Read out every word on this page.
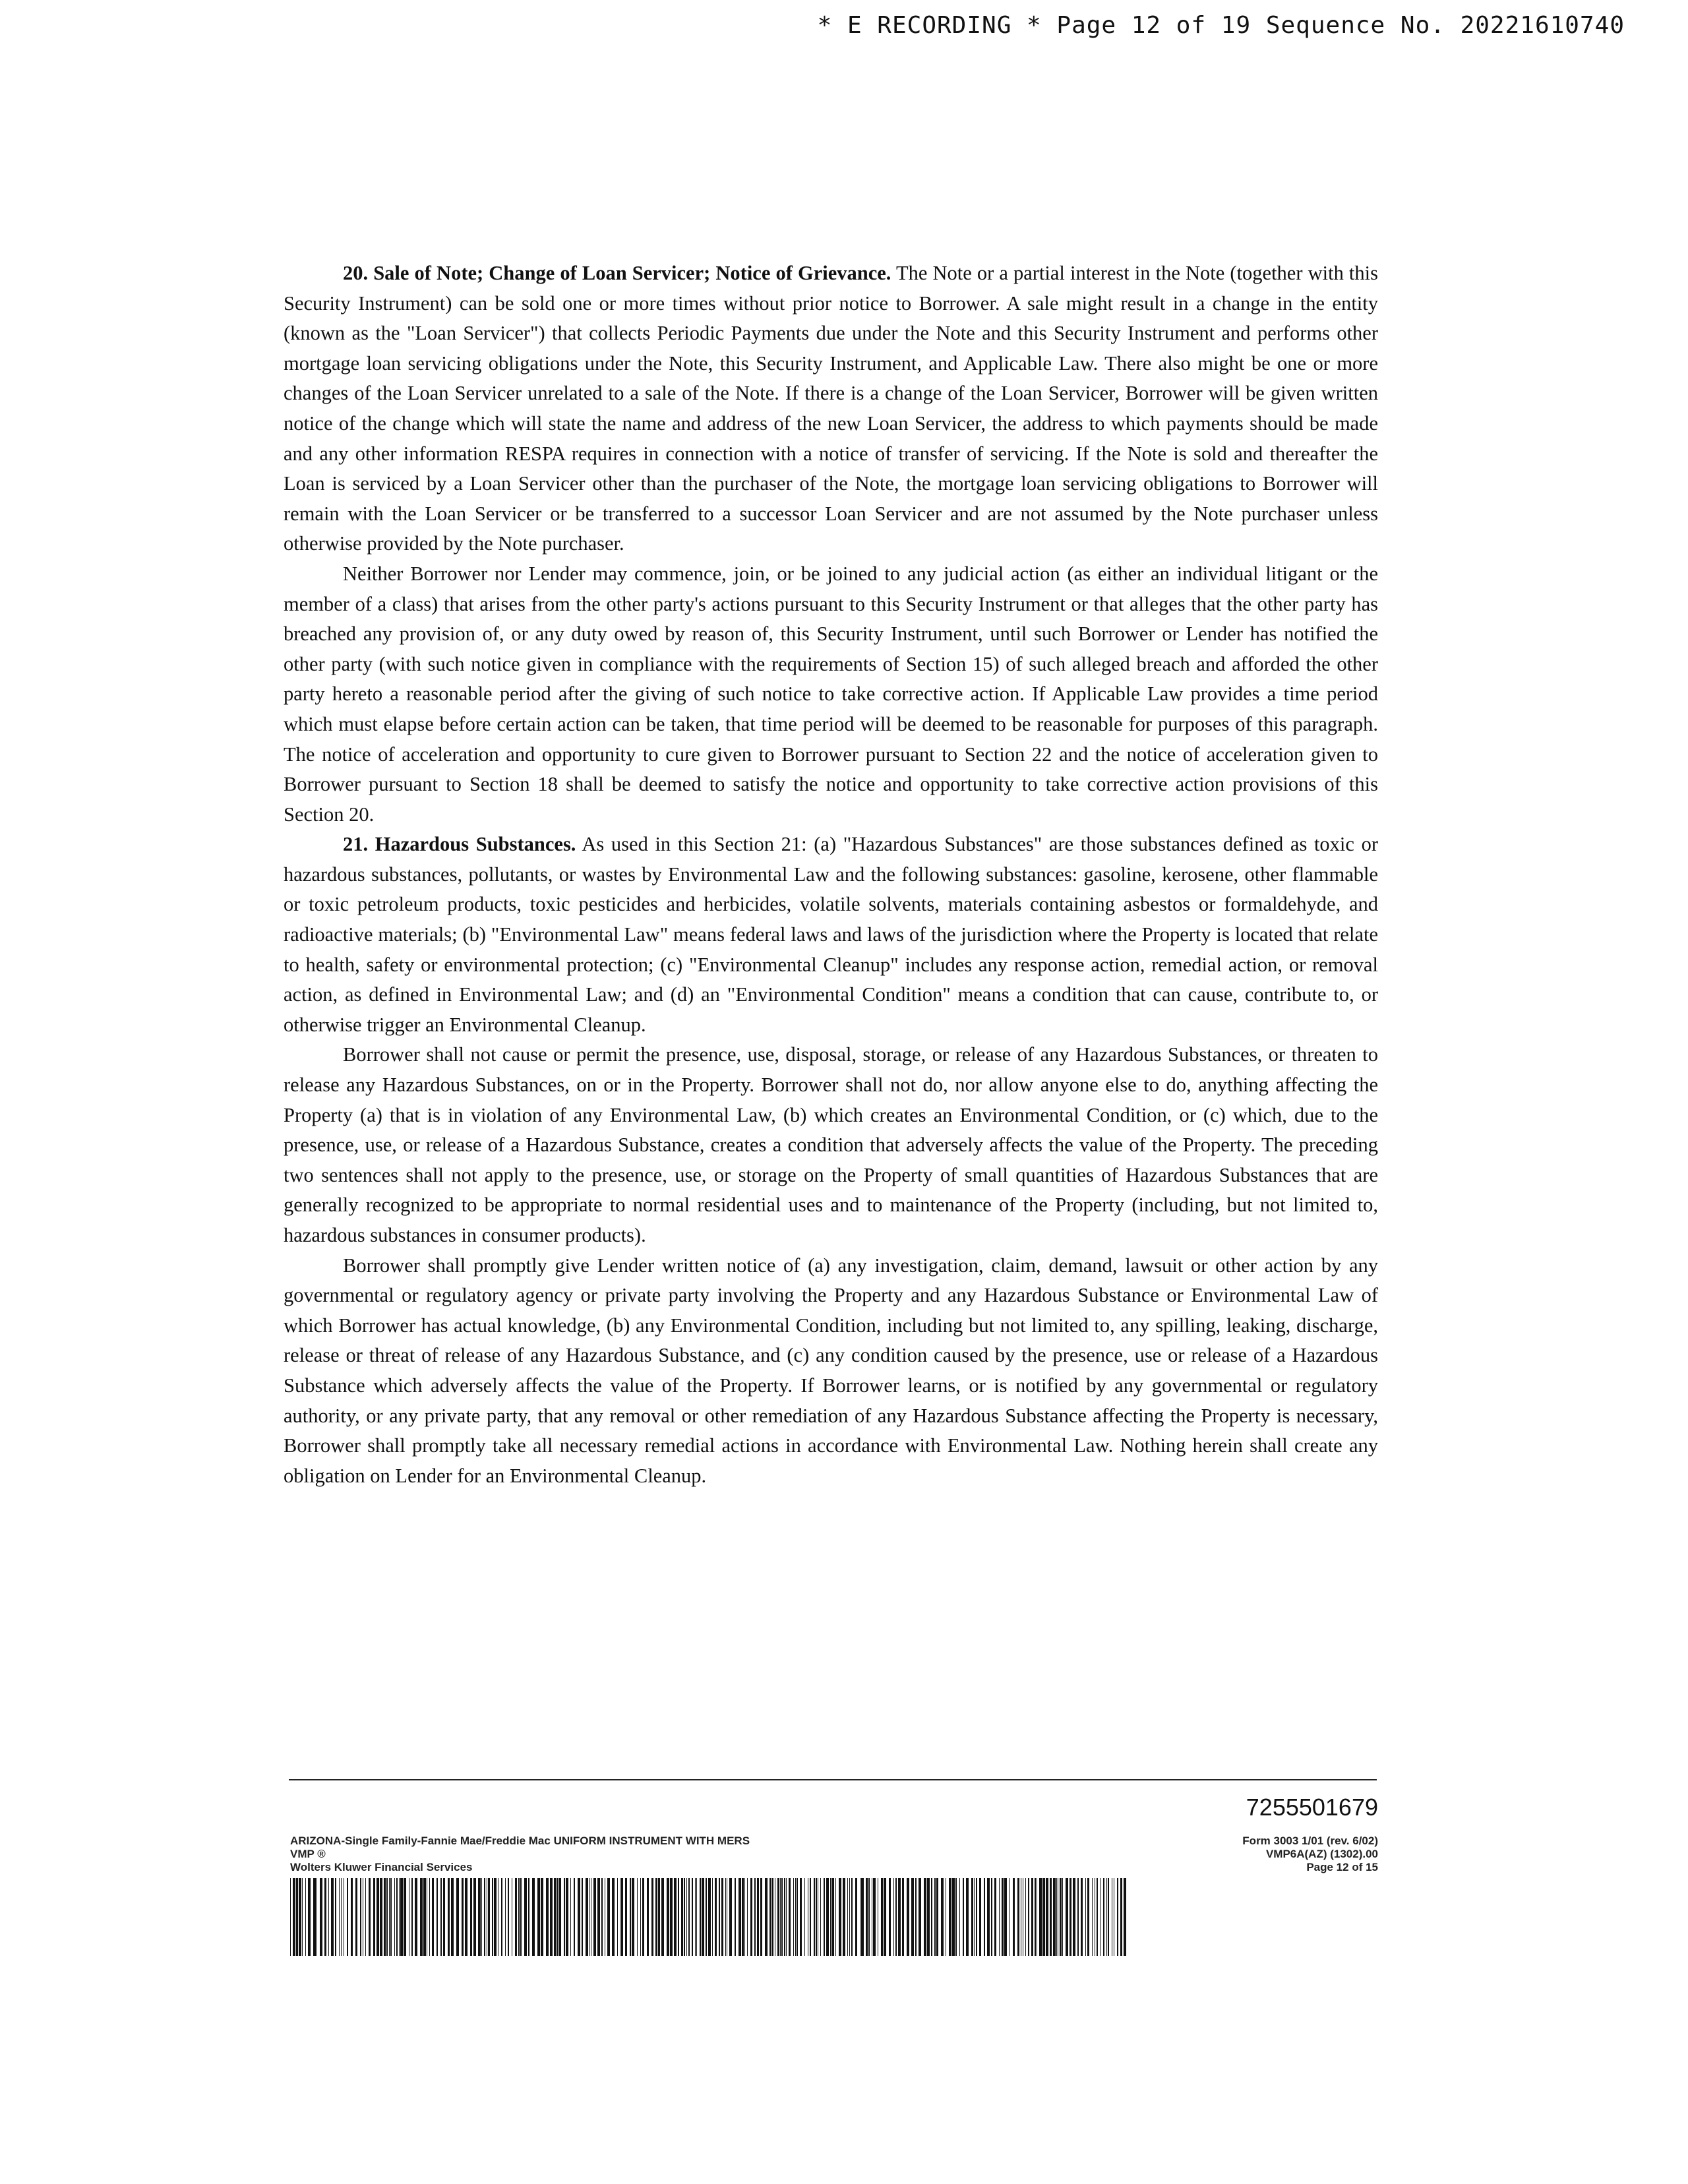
* E RECORDING * Page 12 of 19 Sequence No. 20221610740

20. Sale of Note; Change of Loan Servicer; Notice of Grievance. The Note or a partial interest in the Note (together with this Security Instrument) can be sold one or more times without prior notice to Borrower. A sale might result in a change in the entity (known as the "Loan Servicer") that collects Periodic Payments due under the Note and this Security Instrument and performs other mortgage loan servicing obligations under the Note, this Security Instrument, and Applicable Law. There also might be one or more changes of the Loan Servicer unrelated to a sale of the Note. If there is a change of the Loan Servicer, Borrower will be given written notice of the change which will state the name and address of the new Loan Servicer, the address to which payments should be made and any other information RESPA requires in connection with a notice of transfer of servicing. If the Note is sold and thereafter the Loan is serviced by a Loan Servicer other than the purchaser of the Note, the mortgage loan servicing obligations to Borrower will remain with the Loan Servicer or be transferred to a successor Loan Servicer and are not assumed by the Note purchaser unless otherwise provided by the Note purchaser.

Neither Borrower nor Lender may commence, join, or be joined to any judicial action (as either an individual litigant or the member of a class) that arises from the other party's actions pursuant to this Security Instrument or that alleges that the other party has breached any provision of, or any duty owed by reason of, this Security Instrument, until such Borrower or Lender has notified the other party (with such notice given in compliance with the requirements of Section 15) of such alleged breach and afforded the other party hereto a reasonable period after the giving of such notice to take corrective action. If Applicable Law provides a time period which must elapse before certain action can be taken, that time period will be deemed to be reasonable for purposes of this paragraph. The notice of acceleration and opportunity to cure given to Borrower pursuant to Section 22 and the notice of acceleration given to Borrower pursuant to Section 18 shall be deemed to satisfy the notice and opportunity to take corrective action provisions of this Section 20.

21. Hazardous Substances. As used in this Section 21: (a) "Hazardous Substances" are those substances defined as toxic or hazardous substances, pollutants, or wastes by Environmental Law and the following substances: gasoline, kerosene, other flammable or toxic petroleum products, toxic pesticides and herbicides, volatile solvents, materials containing asbestos or formaldehyde, and radioactive materials; (b) "Environmental Law" means federal laws and laws of the jurisdiction where the Property is located that relate to health, safety or environmental protection; (c) "Environmental Cleanup" includes any response action, remedial action, or removal action, as defined in Environmental Law; and (d) an "Environmental Condition" means a condition that can cause, contribute to, or otherwise trigger an Environmental Cleanup.

Borrower shall not cause or permit the presence, use, disposal, storage, or release of any Hazardous Substances, or threaten to release any Hazardous Substances, on or in the Property. Borrower shall not do, nor allow anyone else to do, anything affecting the Property (a) that is in violation of any Environmental Law, (b) which creates an Environmental Condition, or (c) which, due to the presence, use, or release of a Hazardous Substance, creates a condition that adversely affects the value of the Property. The preceding two sentences shall not apply to the presence, use, or storage on the Property of small quantities of Hazardous Substances that are generally recognized to be appropriate to normal residential uses and to maintenance of the Property (including, but not limited to, hazardous substances in consumer products).

Borrower shall promptly give Lender written notice of (a) any investigation, claim, demand, lawsuit or other action by any governmental or regulatory agency or private party involving the Property and any Hazardous Substance or Environmental Law of which Borrower has actual knowledge, (b) any Environmental Condition, including but not limited to, any spilling, leaking, discharge, release or threat of release of any Hazardous Substance, and (c) any condition caused by the presence, use or release of a Hazardous Substance which adversely affects the value of the Property. If Borrower learns, or is notified by any governmental or regulatory authority, or any private party, that any removal or other remediation of any Hazardous Substance affecting the Property is necessary, Borrower shall promptly take all necessary remedial actions in accordance with Environmental Law. Nothing herein shall create any obligation on Lender for an Environmental Cleanup.

7255501679
ARIZONA-Single Family-Fannie Mae/Freddie Mac UNIFORM INSTRUMENT WITH MERS
VMP ®
Wolters Kluwer Financial Services
Form 3003 1/01 (rev. 6/02)
VMP6A(AZ) (1302).00
Page 12 of 15
